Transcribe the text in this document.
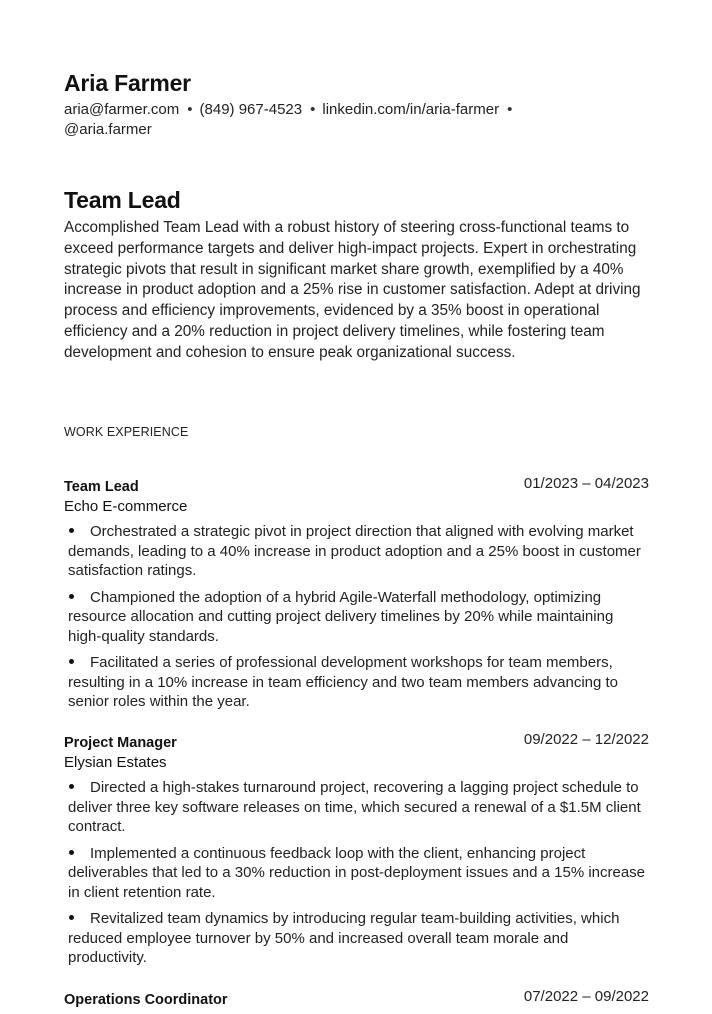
Aria Farmer
aria@farmer.com • (849) 967-4523 • linkedin.com/in/aria-farmer •
@aria.farmer
Team Lead

Accomplished Team Lead with a robust history of steering cross-functional teams to exceed performance targets and deliver high-impact projects. Expert in orchestrating strategic pivots that result in significant market share growth, exemplified by a 40% increase in product adoption and a 25% rise in customer satisfaction. Adept at driving process and efficiency improvements, evidenced by a 35% boost in operational efficiency and a 20% reduction in project delivery timelines, while fostering team development and cohesion to ensure peak organizational success.

WORK EXPERIENCE
Team Lead	01/2023 – 04/2023
Echo E-commerce
Orchestrated a strategic pivot in project direction that aligned with evolving market demands, leading to a 40% increase in product adoption and a 25% boost in customer satisfaction ratings.
Championed the adoption of a hybrid Agile-Waterfall methodology, optimizing resource allocation and cutting project delivery timelines by 20% while maintaining high-quality standards.
Facilitated a series of professional development workshops for team members, resulting in a 10% increase in team efficiency and two team members advancing to senior roles within the year.
Project Manager	09/2022 – 12/2022
Elysian Estates
Directed a high-stakes turnaround project, recovering a lagging project schedule to deliver three key software releases on time, which secured a renewal of a $1.5M client contract.
Implemented a continuous feedback loop with the client, enhancing project deliverables that led to a 30% reduction in post-deployment issues and a 15% increase in client retention rate.
Revitalized team dynamics by introducing regular team-building activities, which reduced employee turnover by 50% and increased overall team morale and productivity.
Operations Coordinator	07/2022 – 09/2022
